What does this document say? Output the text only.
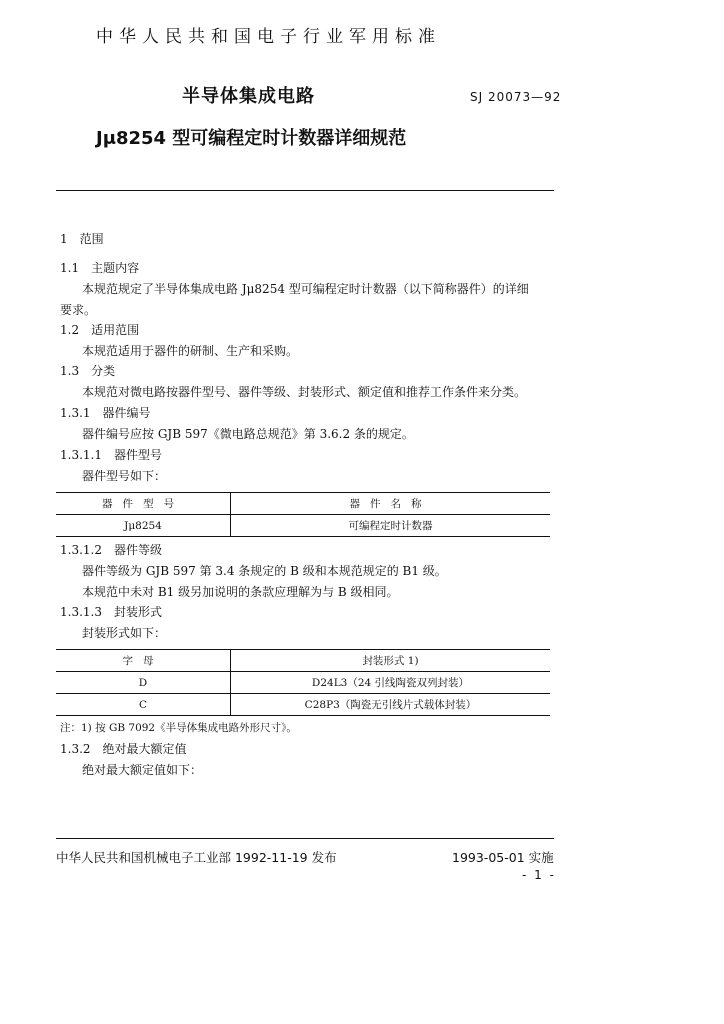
中华人民共和国电子行业军用标准
半导体集成电路	SJ 20073—92
Jμ8254 型可编程定时计数器详细规范
1　范围
1.1　主题内容
本规范规定了半导体集成电路 Jμ8254 型可编程定时计数器（以下简称器件）的详细
要求。
1.2　适用范围
本规范适用于器件的研制、生产和采购。
1.3　分类
本规范对微电路按器件型号、器件等级、封装形式、额定值和推荐工作条件来分类。
1.3.1　器件编号
器件编号应按 GJB 597《微电路总规范》第 3.6.2 条的规定。
1.3.1.1　器件型号
器件型号如下：
器件型号	器件名称
Jμ8254	可编程定时计数器
1.3.1.2　器件等级
器件等级为 GJB 597 第 3.4 条规定的 B 级和本规范规定的 B1 级。
本规范中未对 B1 级另加说明的条款应理解为与 B 级相同。
1.3.1.3　封装形式
封装形式如下：
字母	封装形式 1)
D	D24L3（24 引线陶瓷双列封装）
C	C28P3（陶瓷无引线片式载体封装）
注：1) 按 GB 7092《半导体集成电路外形尺寸》。
1.3.2　绝对最大额定值
绝对最大额定值如下：
中华人民共和国机械电子工业部 1992-11-19 发布	1993-05-01 实施
- 1 -
